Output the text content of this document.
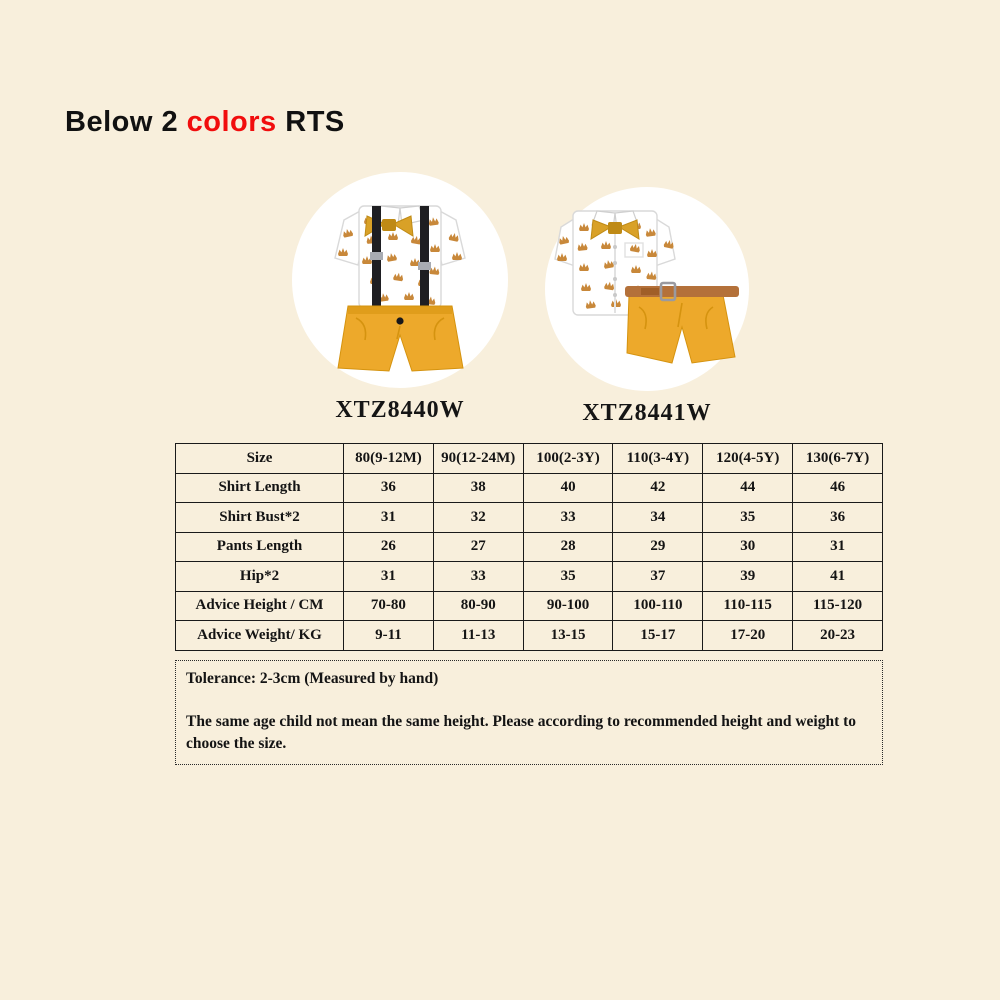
Below 2 colors RTS
XTZ8440W	XTZ8441W
Size	80(9-12M)	90(12-24M)	100(2-3Y)	110(3-4Y)	120(4-5Y)	130(6-7Y)
Shirt Length	36	38	40	42	44	46
Shirt Bust*2	31	32	33	34	35	36
Pants Length	26	27	28	29	30	31
Hip*2	31	33	35	37	39	41
Advice Height / CM	70-80	80-90	90-100	100-110	110-115	115-120
Advice Weight/ KG	9-11	11-13	13-15	15-17	17-20	20-23

Tolerance: 2-3cm (Measured by hand)

The same age child not mean the same height. Please according to recommended height and weight to choose the size.
